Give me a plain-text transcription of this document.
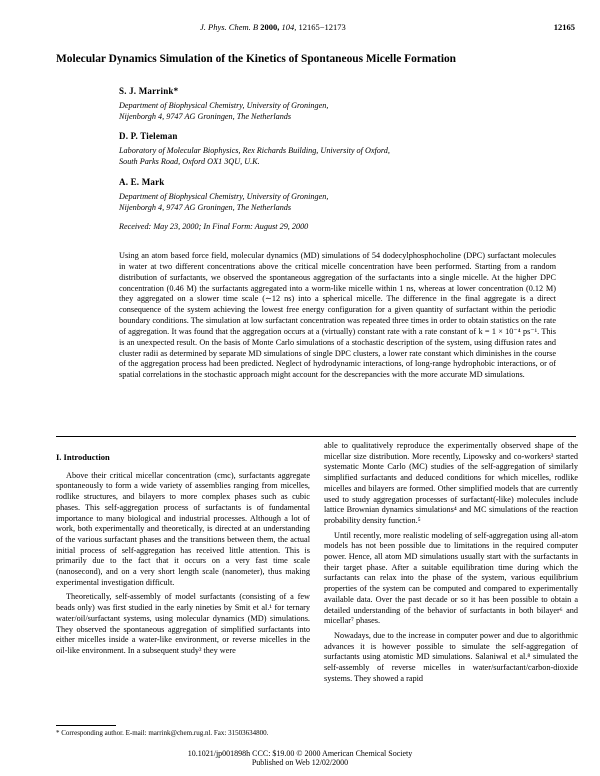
J. Phys. Chem. B 2000, 104, 12165−12173	12165
Molecular Dynamics Simulation of the Kinetics of Spontaneous Micelle Formation
S. J. Marrink*
Department of Biophysical Chemistry, University of Groningen,
Nijenborgh 4, 9747 AG Groningen, The Netherlands
D. P. Tieleman
Laboratory of Molecular Biophysics, Rex Richards Building, University of Oxford,
South Parks Road, Oxford OX1 3QU, U.K.
A. E. Mark
Department of Biophysical Chemistry, University of Groningen,
Nijenborgh 4, 9747 AG Groningen, The Netherlands
Received: May 23, 2000; In Final Form: August 29, 2000
Using an atom based force field, molecular dynamics (MD) simulations of 54 dodecylphosphocholine (DPC) surfactant molecules in water at two different concentrations above the critical micelle concentration have been performed. Starting from a random distribution of surfactants, we observed the spontaneous aggregation of the surfactants into a single micelle. At the higher DPC concentration (0.46 M) the surfactants aggregated into a worm-like micelle within 1 ns, whereas at lower concentration (0.12 M) they aggregated on a slower time scale (∼12 ns) into a spherical micelle. The difference in the final aggregate is a direct consequence of the system achieving the lowest free energy configuration for a given quantity of surfactant within the periodic boundary conditions. The simulation at low surfactant concentration was repeated three times in order to obtain statistics on the rate of aggregation. It was found that the aggregation occurs at a (virtually) constant rate with a rate constant of k = 1 × 10⁻⁴ ps⁻¹. This is an unexpected result. On the basis of Monte Carlo simulations of a stochastic description of the system, using diffusion rates and cluster radii as determined by separate MD simulations of single DPC clusters, a lower rate constant which diminishes in the course of the aggregation process had been predicted. Neglect of hydrodynamic interactions, of long-range hydrophobic interactions, or of spatial correlations in the stochastic approach might account for the descrepancies with the more accurate MD simulations.
I. Introduction

Above their critical micellar concentration (cmc), surfactants aggregate spontaneously to form a wide variety of assemblies ranging from micelles, rodlike structures, and bilayers to more complex phases such as cubic phases. This self-aggregation process of surfactants is of fundamental importance to many biological and industrial processes. Although a lot of work, both experimentally and theoretically, is directed at an understanding of the various surfactant phases and the transitions between them, the actual initial process of self-aggregation has received little attention. This is primarily due to the fact that it occurs on a very fast time scale (nanosecond), and on a very short length scale (nanometer), thus making experimental investigation difficult.

Theoretically, self-assembly of model surfactants (consisting of a few beads only) was first studied in the early nineties by Smit et al.¹ for ternary water/oil/surfactant systems, using molecular dynamics (MD) simulations. They observed the spontaneous aggregation of simplified surfactants into either micelles inside a water-like environment, or reverse micelles in the oil-like environment. In a subsequent study² they were

able to qualitatively reproduce the experimentally observed shape of the micellar size distribution. More recently, Lipowsky and co-workers³ started systematic Monte Carlo (MC) studies of the self-aggregation of similarly simplified surfactants and deduced conditions for which micelles, rodlike micelles and bilayers are formed. Other simplified models that are currently used to study aggregation processes of surfactant(-like) molecules include lattice Brownian dynamics simulations⁴ and MC simulations of the reaction probability density function.⁵

Until recently, more realistic modeling of self-aggregation using all-atom models has not been possible due to limitations in the required computer power. Hence, all atom MD simulations usually start with the surfactants in their target phase. After a suitable equilibration time during which the surfactants can relax into the phase of the system, various equilibrium properties of the system can be computed and compared to experimentally available data. Over the past decade or so it has been possible to obtain a detailed understanding of the behavior of surfactants in both bilayer⁶ and micellar⁷ phases.

Nowadays, due to the increase in computer power and due to algorithmic advances it is however possible to simulate the self-aggregation of surfactants using atomistic MD simulations. Salaniwal et al.⁸ simulated the self-assembly of reverse micelles in water/surfactant/carbon-dioxide systems. They showed a rapid

* Corresponding author. E-mail: marrink@chem.rug.nl. Fax: 31503634800.
10.1021/jp001898h CCC: $19.00 © 2000 American Chemical Society
Published on Web 12/02/2000
